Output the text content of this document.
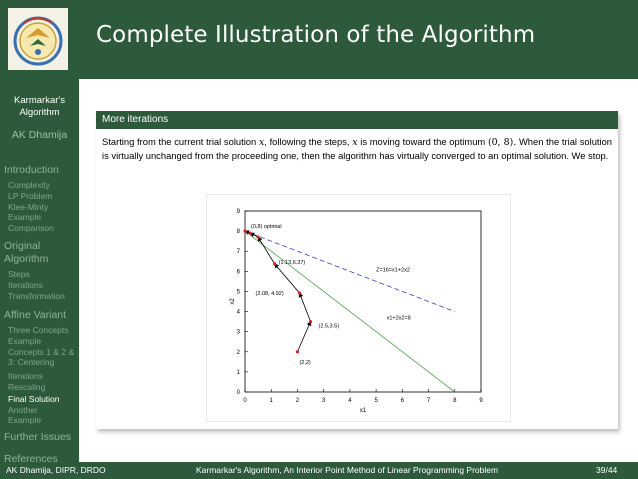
Complete Illustration of the Algorithm
Karmarkar's Algorithm
AK Dhamija
Introduction
Complexity
LP Problem
Klee-Minty Example
Comparison
Original Algorithm
Steps
Iterations
Transformation
Affine Variant
Three Concepts
Example
Concepts 1 & 2 & 3: Centering
Iterations
Rescaling
Final Solution
Another Example
Further Issues
References
More iterations
Starting from the current trial solution x, following the steps, x is moving toward the optimum (0, 8). When the trial solution is virtually unchanged from the proceeding one, then the algorithm has virtually converged to an optimal solution. We stop.
0	1	2	3	4	5	6	7	8	9
0
1
2
3
4
5
6
7
8
9
x1
x2
x1+2x2=8
Z=16=x1+2x2
(2,2)
(2.5,3.5)
(2.08, 4.92)
(1.13,6.37)
(0,8) optimal
AK Dhamija, DIPR, DRDO	Karmarkar's Algorithm, An Interior Point Method of Linear Programming Problem	39/44
